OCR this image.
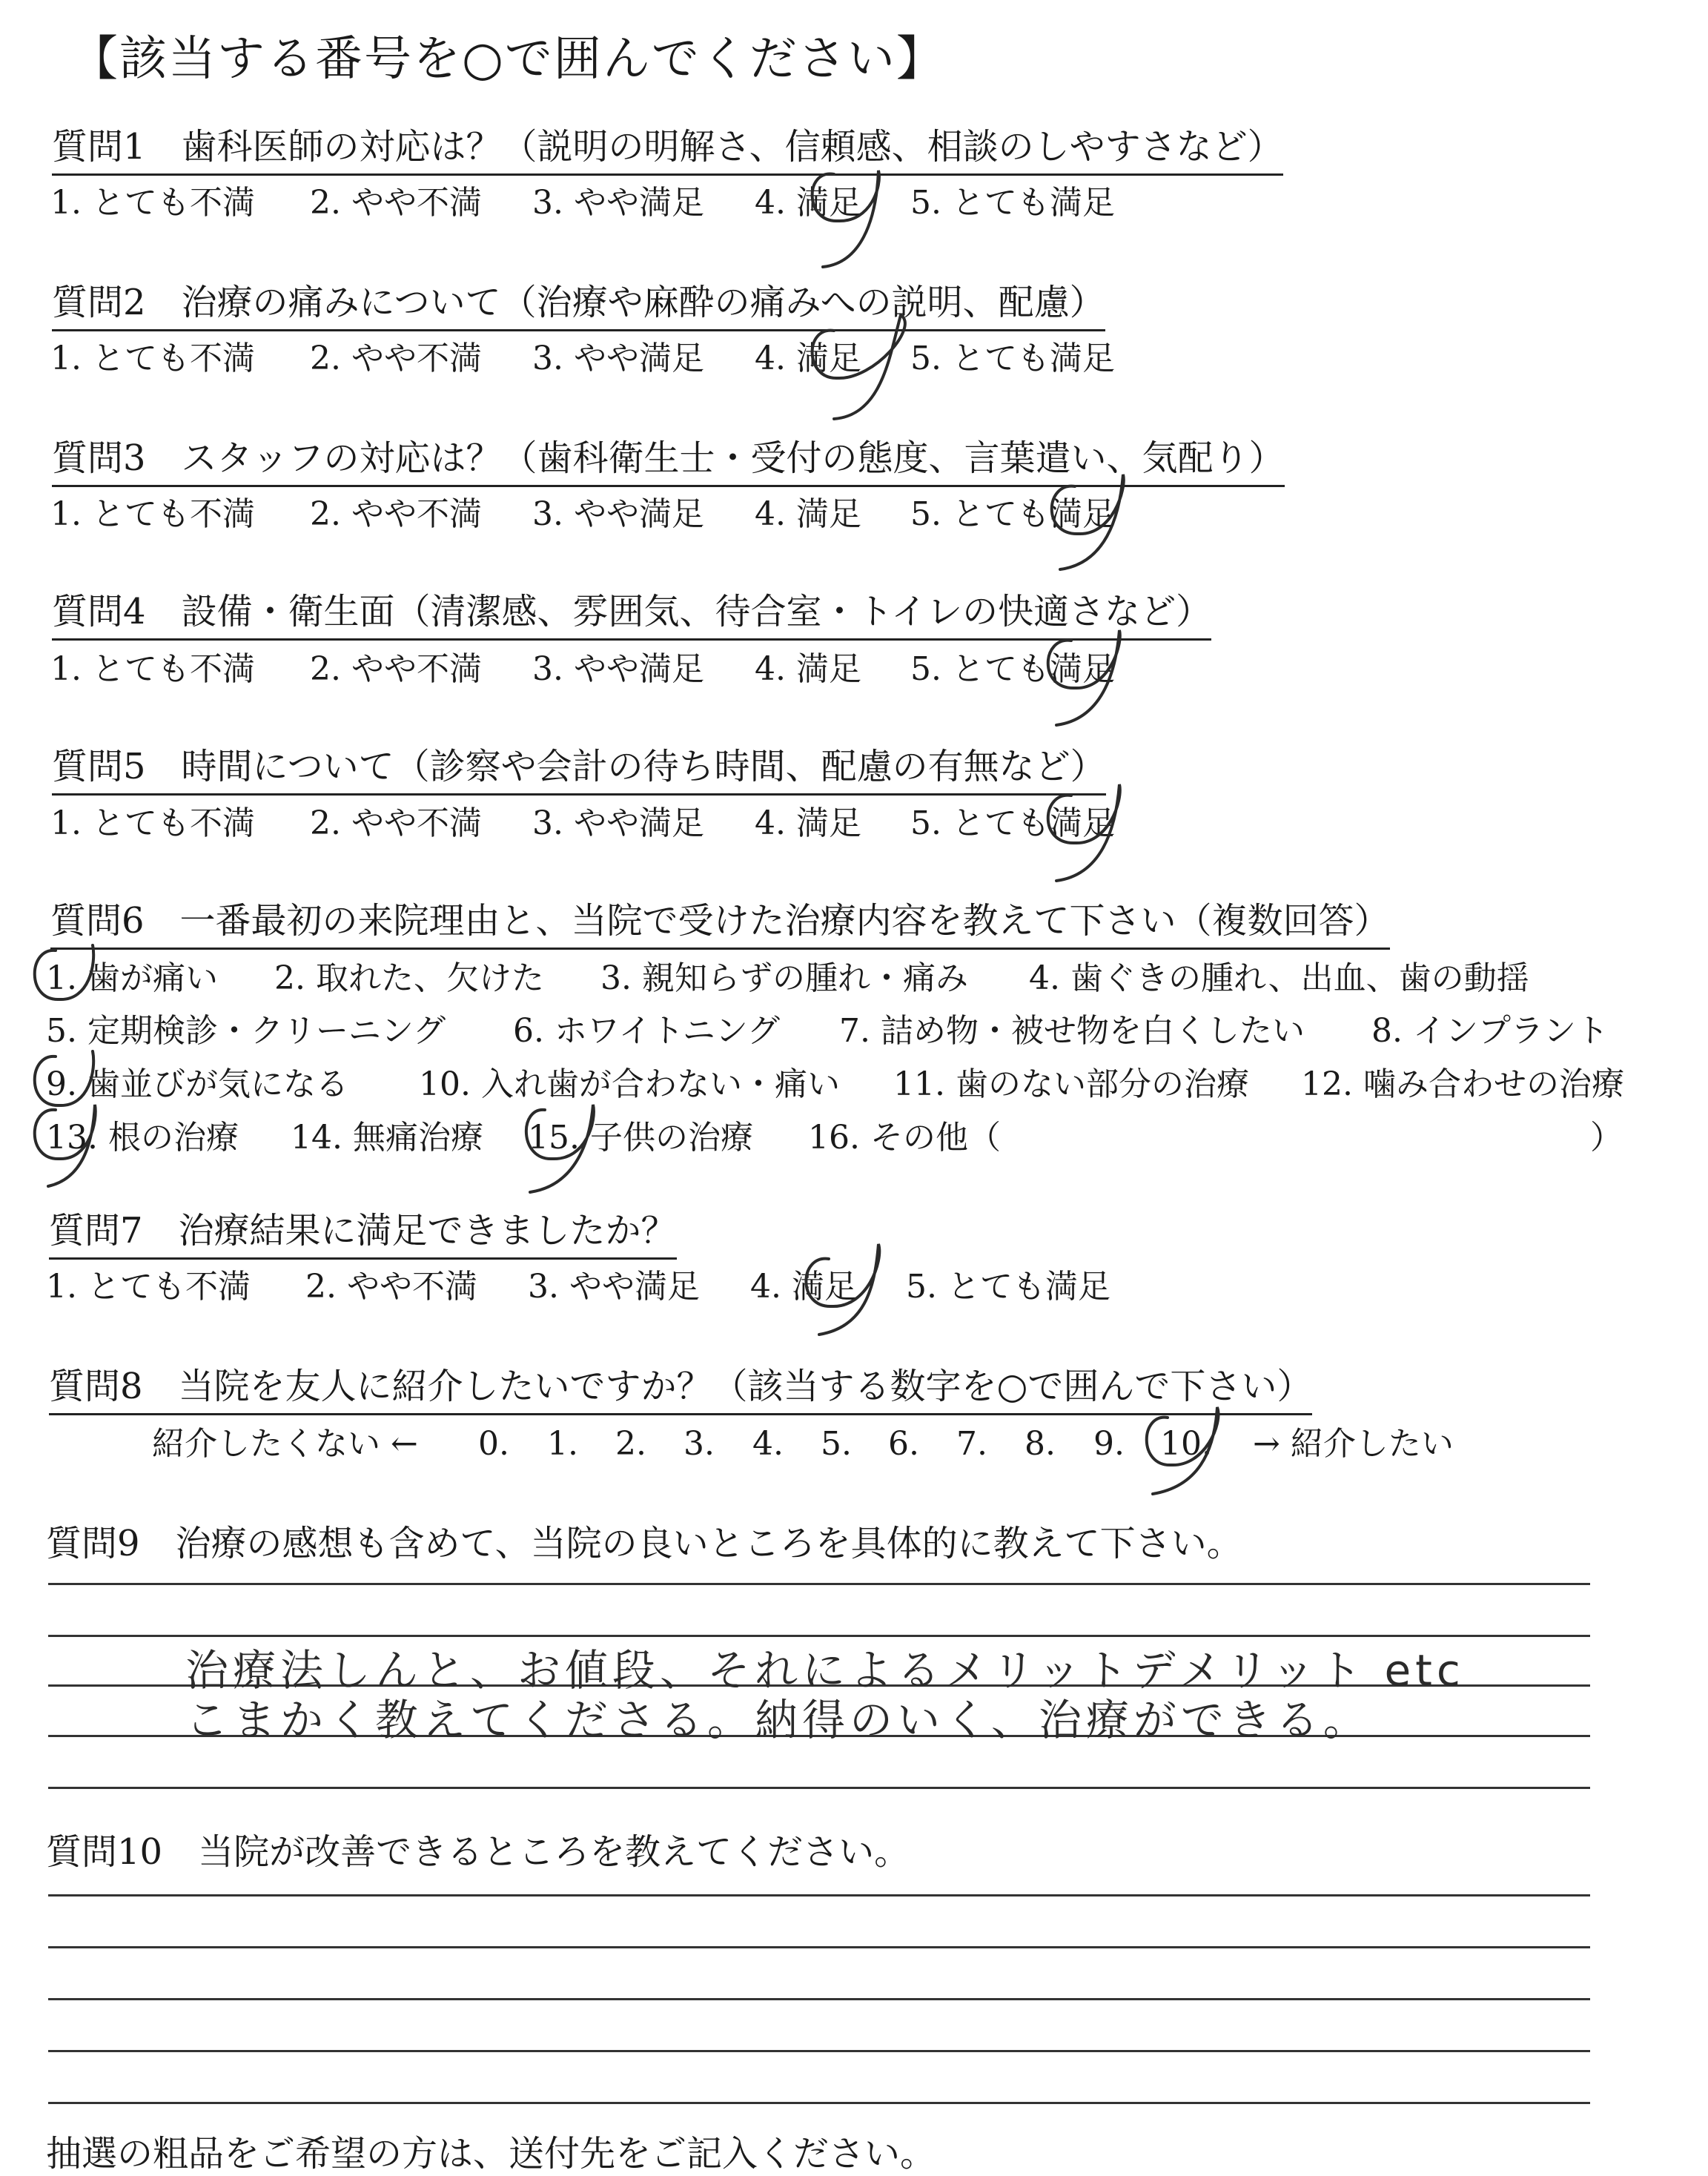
【該当する番号を○で囲んでください】
質問1　歯科医師の対応は？（説明の明解さ、信頼感、相談のしやすさなど）
1. とても不満 2. やや不満 3. やや満足 4. 満足 5. とても満足
質問2　治療の痛みについて（治療や麻酔の痛みへの説明、配慮）
1. とても不満 2. やや不満 3. やや満足 4. 満足 5. とても満足
質問3　スタッフの対応は？（歯科衛生士・受付の態度、言葉遣い、気配り）
1. とても不満 2. やや不満 3. やや満足 4. 満足 5. とても満足
質問4　設備・衛生面（清潔感、雰囲気、待合室・トイレの快適さなど）
1. とても不満 2. やや不満 3. やや満足 4. 満足 5. とても満足
質問5　時間について（診察や会計の待ち時間、配慮の有無など）
1. とても不満 2. やや不満 3. やや満足 4. 満足 5. とても満足
質問6　一番最初の来院理由と、当院で受けた治療内容を教えて下さい（複数回答）
1. 歯が痛い 2. 取れた、欠けた 3. 親知らずの腫れ・痛み 4. 歯ぐきの腫れ、出血、歯の動揺
5. 定期検診・クリーニング 6. ホワイトニング 7. 詰め物・被せ物を白くしたい 8. インプラント
9. 歯並びが気になる 10. 入れ歯が合わない・痛い 11. 歯のない部分の治療 12. 噛み合わせの治療
13. 根の治療 14. 無痛治療 15. 子供の治療 16. その他（	）
質問7　治療結果に満足できましたか？
1. とても不満 2. やや不満 3. やや満足 4. 満足 5. とても満足
質問8　当院を友人に紹介したいですか？（該当する数字を○で囲んで下さい）
紹介したくない ← 0. 1. 2. 3. 4. 5. 6. 7. 8. 9. 10. → 紹介したい
質問9　治療の感想も含めて、当院の良いところを具体的に教えて下さい。
治療法しんと、お値段、それによるメリットデメリット etc
こまかく教えてくださる。納得のいく、治療ができる。
質問10　当院が改善できるところを教えてください。
抽選の粗品をご希望の方は、送付先をご記入ください。
